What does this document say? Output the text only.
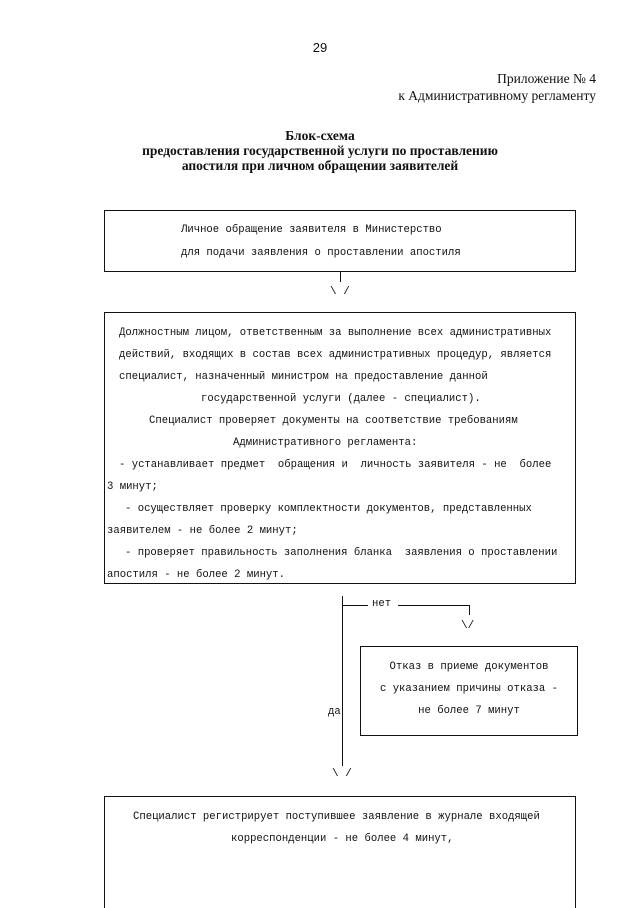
29
Приложение № 4
к Административному регламенту
Блок-схема
предоставления государственной услуги по проставлению
апостиля при личном обращении заявителей
Личное обращение заявителя в Министерство
для подачи заявления о проставлении апостиля
\ /
Должностным лицом, ответственным за выполнение всех административных
действий, входящих в состав всех административных процедур, является
специалист, назначенный министром на предоставление данной
государственной услуги (далее - специалист).
Специалист проверяет документы на соответствие требованиям
Административного регламента:
- устанавливает предмет  обращения и  личность заявителя - не  более
3 минут;
- осуществляет проверку комплектности документов, представленных
заявителем - не более 2 минут;
- проверяет правильность заполнения бланка  заявления о проставлении
апостиля - не более 2 минут.
нет
\/
Отказ в приеме документов
с указанием причины отказа -
не более 7 минут
да
\ /
Специалист регистрирует поступившее заявление в журнале входящей
корреспонденции - не более 4 минут,
